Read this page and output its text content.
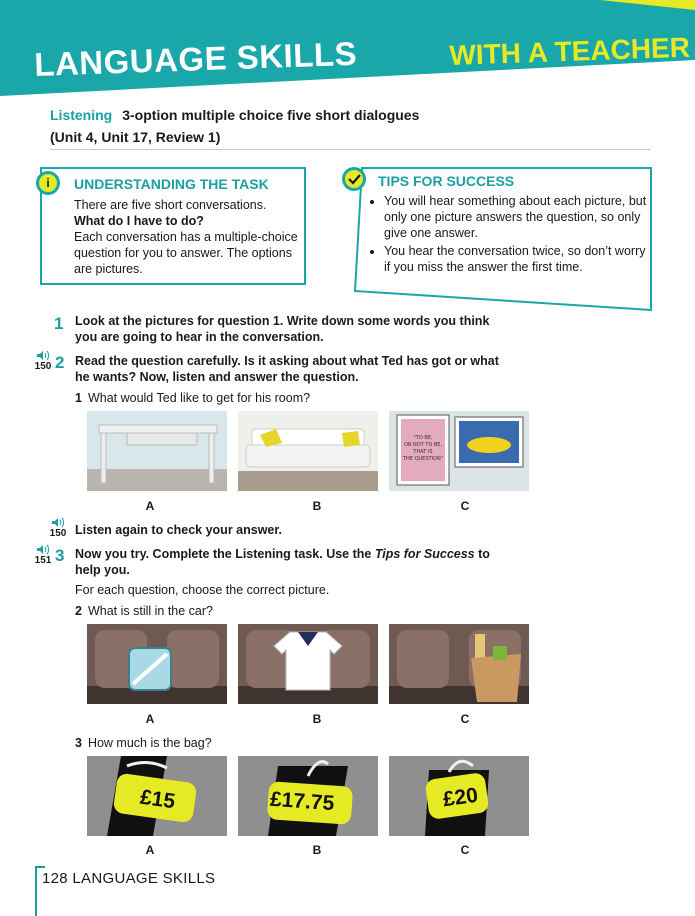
LANGUAGE SKILLS	WITH A TEACHER
Listening 3-option multiple choice five short dialogues
(Unit 4, Unit 17, Review 1)
UNDERSTANDING THE TASK
There are five short conversations.
What do I have to do?
Each conversation has a multiple-choice question for you to answer. The options are pictures.
i	TIPS FOR SUCCESS
• You will hear something about each picture, but only one picture answers the question, so only give one answer.
• You hear the conversation twice, so don’t worry if you miss the answer the first time.
1 Look at the pictures for question 1. Write down some words you think you are going to hear in the conversation.
150 2 Read the question carefully. Is it asking about what Ted has got or what he wants? Now, listen and answer the question.
1 What would Ted like to get for his room?
"TO BE,
OR NOT TO BE,
THAT IS
THE QUESTION"
A	B	C
150 Listen again to check your answer.
151 3 Now you try. Complete the Listening task. Use the Tips for Success to help you.
For each question, choose the correct picture.
2 What is still in the car?
A	B	C
3 How much is the bag?
£15	£17.75	£20
A	B	C
128 LANGUAGE SKILLS
